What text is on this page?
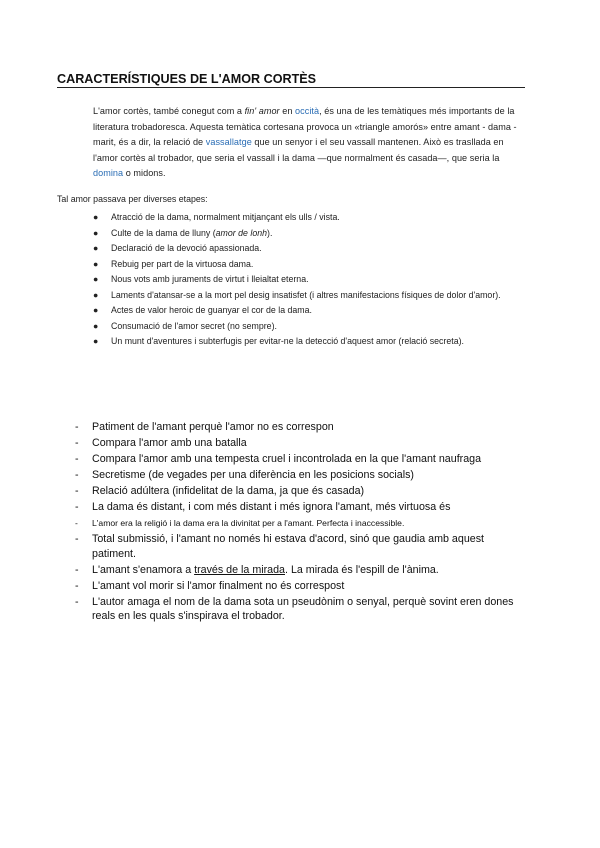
CARACTERÍSTIQUES DE L'AMOR CORTÈS

L'amor cortès, també conegut com a fin' amor en occità, és una de les temàtiques més importants de la literatura trobadoresca. Aquesta temàtica cortesana provoca un «triangle amorós» entre amant - dama - marit, és a dir, la relació de vassallatge que un senyor i el seu vassall mantenen. Això es trasllada en l'amor cortès al trobador, que seria el vassall i la dama —que normalment és casada—, que seria la domina o midons.

Tal amor passava per diverses etapes:
● Atracció de la dama, normalment mitjançant els ulls / vista.
● Culte de la dama de lluny (amor de lonh).
● Declaració de la devoció apassionada.
● Rebuig per part de la virtuosa dama.
● Nous vots amb juraments de virtut i lleialtat eterna.
● Laments d'atansar-se a la mort pel desig insatisfet (i altres manifestacions físiques de dolor d'amor).
● Actes de valor heroic de guanyar el cor de la dama.
● Consumació de l'amor secret (no sempre).
● Un munt d'aventures i subterfugis per evitar-ne la detecció d'aquest amor (relació secreta).
- Patiment de l'amant perquè l'amor no es correspon
- Compara l'amor amb una batalla
- Compara l'amor amb una tempesta cruel i incontrolada en la que l'amant naufraga
- Secretisme (de vegades per una diferència en les posicions socials)
- Relació adúltera (infidelitat de la dama, ja que és casada)
- La dama és distant, i com més distant i més ignora l'amant, més virtuosa és
- L'amor era la religió i la dama era la divinitat per a l'amant. Perfecta i inaccessible.
- Total submissió, i l'amant no només hi estava d'acord, sinó que gaudia amb aquest patiment.
- L'amant s'enamora a través de la mirada. La mirada és l'espill de l'ànima.
- L'amant vol morir si l'amor finalment no és correspost
- L'autor amaga el nom de la dama sota un pseudònim o senyal, perquè sovint eren dones reals en les quals s'inspirava el trobador.
